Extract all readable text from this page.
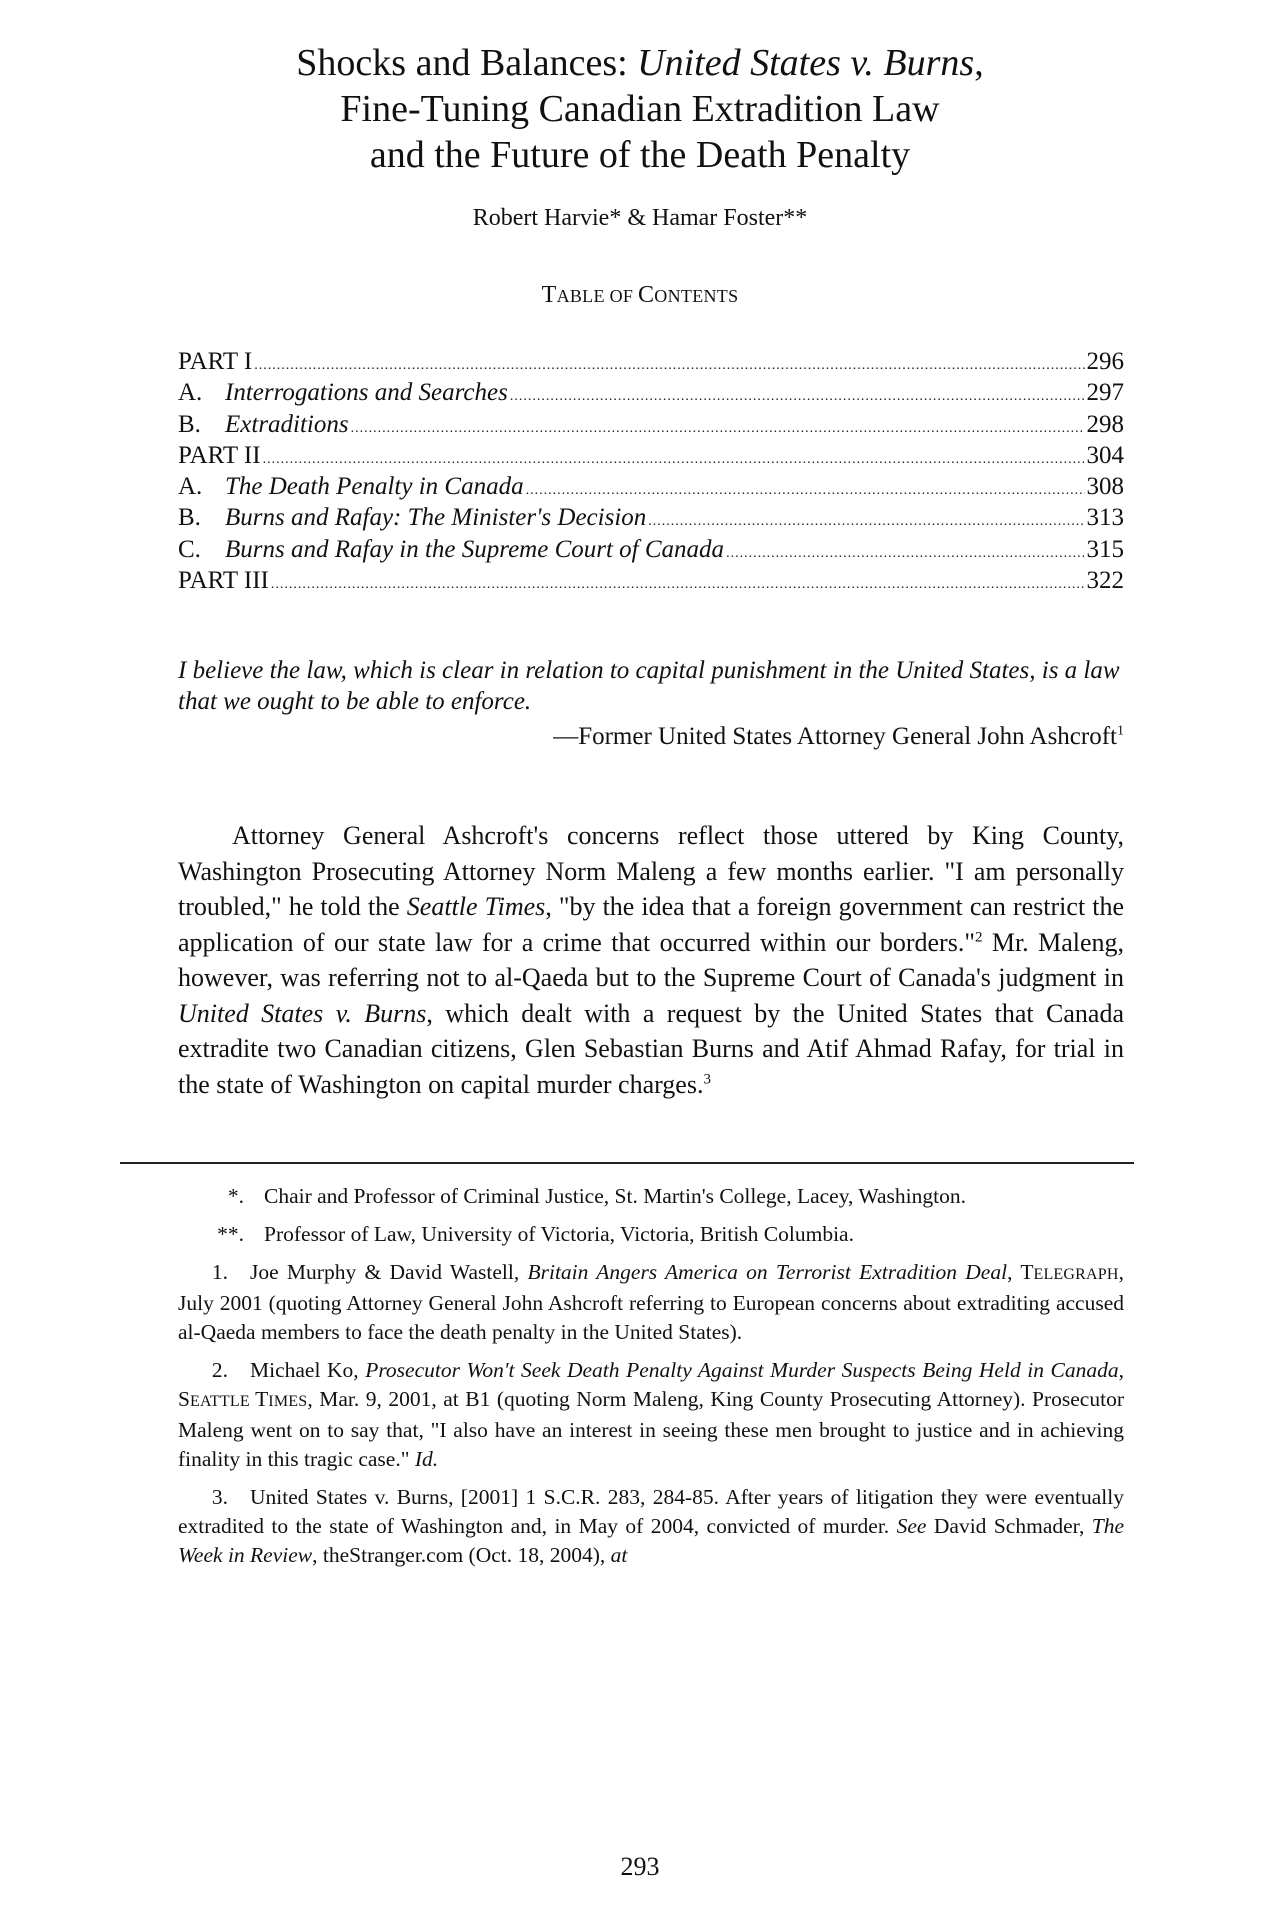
Shocks and Balances: United States v. Burns,
Fine-Tuning Canadian Extradition Law
and the Future of the Death Penalty
Robert Harvie* & Hamar Foster**
TABLE OF CONTENTS
PART I .....	296
A. Interrogations and Searches .....	297
B. Extraditions .....	298
PART II .....	304
A. The Death Penalty in Canada .....	308
B. Burns and Rafay: The Minister's Decision .....	313
C. Burns and Rafay in the Supreme Court of Canada .....	315
PART III .....	322
I believe the law, which is clear in relation to capital punishment in the United States, is a law that we ought to be able to enforce.
—Former United States Attorney General John Ashcroft$^1$

Attorney General Ashcroft's concerns reflect those uttered by King County, Washington Prosecuting Attorney Norm Maleng a few months earlier. "I am personally troubled," he told the Seattle Times, "by the idea that a foreign government can restrict the application of our state law for a crime that occurred within our borders."$^2$ Mr. Maleng, however, was referring not to al-Qaeda but to the Supreme Court of Canada's judgment in United States v. Burns, which dealt with a request by the United States that Canada extradite two Canadian citizens, Glen Sebastian Burns and Atif Ahmad Rafay, for trial in the state of Washington on capital murder charges.$^3$

*. Chair and Professor of Criminal Justice, St. Martin's College, Lacey, Washington.
**. Professor of Law, University of Victoria, Victoria, British Columbia.
1. Joe Murphy & David Wastell, Britain Angers America on Terrorist Extradition Deal, TELEGRAPH, July 2001 (quoting Attorney General John Ashcroft referring to European concerns about extraditing accused al-Qaeda members to face the death penalty in the United States).
2. Michael Ko, Prosecutor Won't Seek Death Penalty Against Murder Suspects Being Held in Canada, SEATTLE TIMES, Mar. 9, 2001, at B1 (quoting Norm Maleng, King County Prosecuting Attorney). Prosecutor Maleng went on to say that, "I also have an interest in seeing these men brought to justice and in achieving finality in this tragic case." Id.
3. United States v. Burns, [2001] 1 S.C.R. 283, 284-85. After years of litigation they were eventually extradited to the state of Washington and, in May of 2004, convicted of murder. See David Schmader, The Week in Review, theStranger.com (Oct. 18, 2004), at
293
